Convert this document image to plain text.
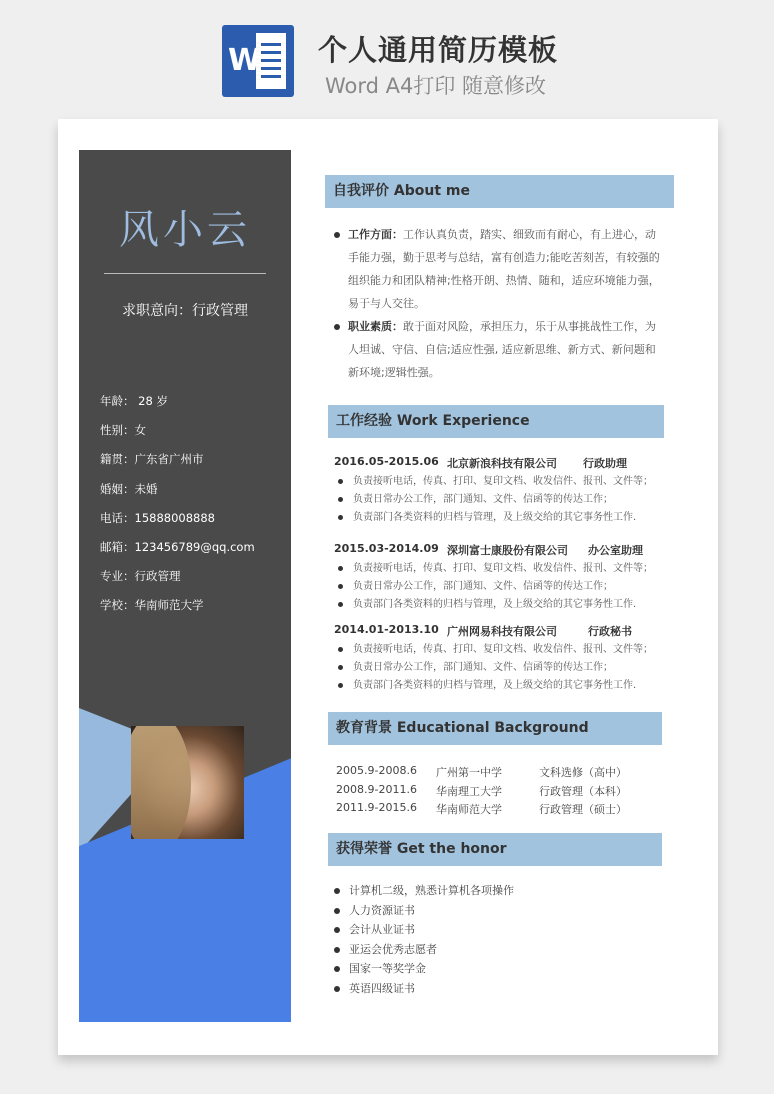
W 个人通用简历模板
Word A4打印 随意修改
风小云
求职意向：行政管理
年龄： 28 岁
性别：女
籍贯：广东省广州市
婚姻：未婚
电话：15888008888
邮箱：123456789@qq.com
专业：行政管理
学校：华南师范大学
自我评价 About me
工作方面：工作认真负责，踏实、细致而有耐心，有上进心，动手能力强，勤于思考与总结，富有创造力;能吃苦刻苦，有较强的组织能力和团队精神;性格开朗、热情、随和，适应环境能力强，易于与人交往。
职业素质：敢于面对风险，承担压力，乐于从事挑战性工作，为人坦诚、守信、自信;适应性强, 适应新思维、新方式、新问题和新环境;逻辑性强。
工作经验 Work Experience
2016.05-2015.06 北京新浪科技有限公司 行政助理
负责接听电话，传真、打印、复印文档、收发信件、报刊、文件等；
负责日常办公工作，部门通知、文件、信函等的传达工作；
负责部门各类资料的归档与管理，及上级交给的其它事务性工作.
2015.03-2014.09 深圳富士康股份有限公司 办公室助理
负责接听电话，传真、打印、复印文档、收发信件、报刊、文件等；
负责日常办公工作，部门通知、文件、信函等的传达工作；
负责部门各类资料的归档与管理，及上级交给的其它事务性工作.
2014.01-2013.10 广州网易科技有限公司	行政秘书
负责接听电话，传真、打印、复印文档、收发信件、报刊、文件等；
负责日常办公工作，部门通知、文件、信函等的传达工作；
负责部门各类资料的归档与管理，及上级交给的其它事务性工作.
教育背景 Educational Background
2005.9-2008.6 广州第一中学	文科选修（高中）
2008.9-2011.6 华南理工大学	行政管理（本科）
2011.9-2015.6 华南师范大学	行政管理（硕士）
获得荣誉 Get the honor
计算机二级，熟悉计算机各项操作
人力资源证书
会计从业证书
亚运会优秀志愿者
国家一等奖学金
英语四级证书
